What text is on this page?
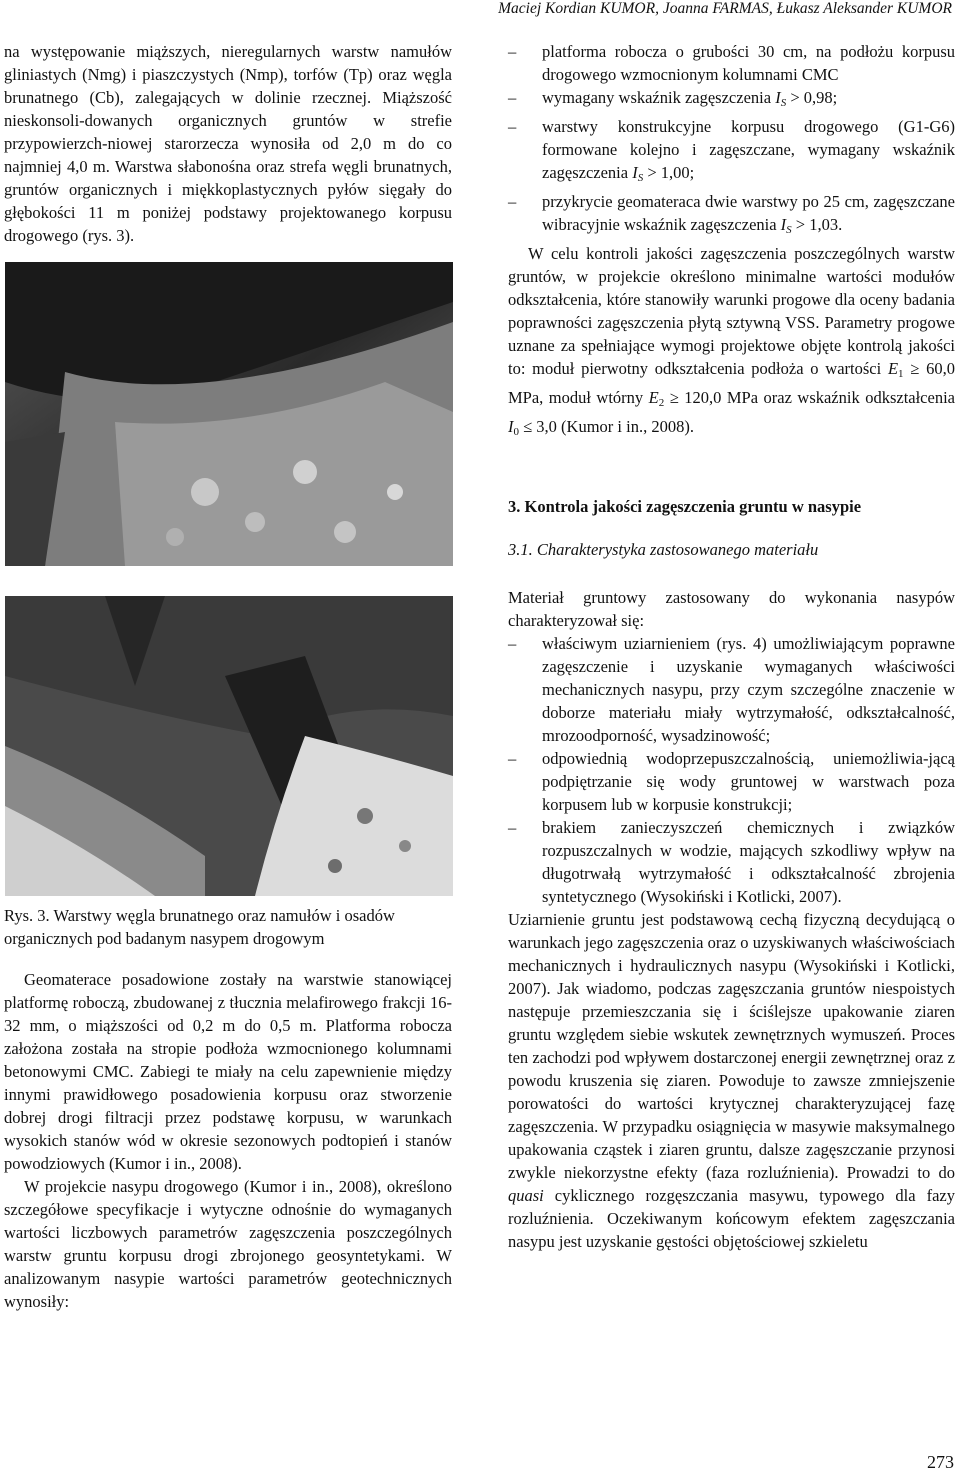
Maciej Kordian KUMOR, Joanna FARMAS, Łukasz Aleksander KUMOR

na występowanie miąższych, nieregularnych warstw namułów gliniastych (Nmg) i piaszczystych (Nmp), torfów (Tp) oraz węgla brunatnego (Cb), zalegających w dolinie rzecznej. Miąższość nieskonsoli-dowanych organicznych gruntów w strefie przypowierzch-niowej starorzecza wynosiła od 2,0 m do co najmniej 4,0 m. Warstwa słabonośna oraz strefa węgli brunatnych, gruntów organicznych i miękkoplastycznych pyłów sięgały do głębokości 11 m poniżej podstawy projektowanego korpusu drogowego (rys. 3).

Rys. 3. Warstwy węgla brunatnego oraz namułów i osadów organicznych pod badanym nasypem drogowym

Geomaterace posadowione zostały na warstwie stanowiącej platformę roboczą, zbudowanej z tłucznia melafirowego frakcji 16-32 mm, o miąższości od 0,2 m do 0,5 m. Platforma robocza założona została na stropie podłoża wzmocnionego kolumnami betonowymi CMC. Zabiegi te miały na celu zapewnienie między innymi prawidłowego posadowienia korpusu oraz stworzenie dobrej drogi filtracji przez podstawę korpusu, w warunkach wysokich stanów wód w okresie sezonowych podtopień i stanów powodziowych (Kumor i in., 2008).

W projekcie nasypu drogowego (Kumor i in., 2008), określono szczegółowe specyfikacje i wytyczne odnośnie do wymaganych wartości liczbowych parametrów zagęszczenia poszczególnych warstw gruntu korpusu drogi zbrojonego geosyntetykami. W analizowanym nasypie wartości parametrów geotechnicznych wynosiły:

– platforma robocza o grubości 30 cm, na podłożu korpusu drogowego wzmocnionym kolumnami CMC

– wymagany wskaźnik zagęszczenia $I_S > 0,98$;

– warstwy konstrukcyjne korpusu drogowego (G1-G6) formowane kolejno i zagęszczane, wymagany wskaźnik zagęszczenia $I_S > 1,00$;

– przykrycie geomateraca dwie warstwy po 25 cm, zagęszczane wibracyjnie wskaźnik zagęszczenia $I_S > 1,03$.

W celu kontroli jakości zagęszczenia poszczególnych warstw gruntów, w projekcie określono minimalne wartości modułów odkształcenia, które stanowiły warunki progowe dla oceny badania poprawności zagęszczenia płytą sztywną VSS. Parametry progowe uznane za spełniające wymogi projektowe objęte kontrolą jakości to: moduł pierwotny odkształcenia podłoża o wartości $E_1 \ge 60,0$ MPa, moduł wtórny $E_2 \ge 120,0$ MPa oraz wskaźnik odkształcenia $I_0 \le 3,0$ (Kumor i in., 2008).

3. Kontrola jakości zagęszczenia gruntu w nasypie
3.1. Charakterystyka zastosowanego materiału

Materiał gruntowy zastosowany do wykonania nasypów charakteryzował się:

– właściwym uziarnieniem (rys. 4) umożliwiającym poprawne zagęszczenie i uzyskanie wymaganych właściwości mechanicznych nasypu, przy czym szczególne znaczenie w doborze materiału miały wytrzymałość, odkształcalność, mrozoodporność, wysadzinowość;

– odpowiednią wodoprzepuszczalnością, uniemożliwia-jącą podpiętrzanie się wody gruntowej w warstwach poza korpusem lub w korpusie konstrukcji;

– brakiem zanieczyszczeń chemicznych i związków rozpuszczalnych w wodzie, mających szkodliwy wpływ na długotrwałą wytrzymałość i odkształcalność zbrojenia syntetycznego (Wysokiński i Kotlicki, 2007).

Uziarnienie gruntu jest podstawową cechą fizyczną decydującą o warunkach jego zagęszczenia oraz o uzyskiwanych właściwościach mechanicznych i hydraulicznych nasypu (Wysokiński i Kotlicki, 2007). Jak wiadomo, podczas zagęszczania gruntów niespoistych następuje przemieszczania się i ściślejsze upakowanie ziaren gruntu względem siebie wskutek zewnętrznych wymuszeń. Proces ten zachodzi pod wpływem dostarczonej energii zewnętrznej oraz z powodu kruszenia się ziaren. Powoduje to zawsze zmniejszenie porowatości do wartości krytycznej charakteryzującej fazę zagęszczenia. W przypadku osiągnięcia w masywie maksymalnego upakowania cząstek i ziaren gruntu, dalsze zagęszczanie przynosi zwykle niekorzystne efekty (faza rozluźnienia). Prowadzi to do quasi cyklicznego rozgęszczania masywu, typowego dla fazy rozluźnienia. Oczekiwanym końcowym efektem zagęszczania nasypu jest uzyskanie gęstości objętościowej szkieletu

273
